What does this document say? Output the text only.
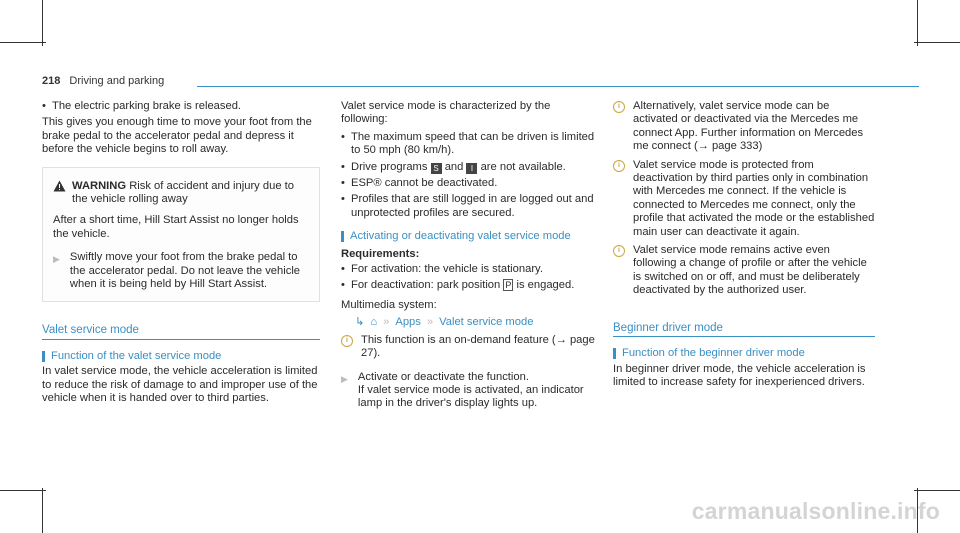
218 Driving and parking
• The electric parking brake is released.

This gives you enough time to move your foot from the brake pedal to the accelerator pedal and depress it before the vehicle begins to roll away.

WARNING Risk of accident and injury due to the vehicle rolling away

After a short time, Hill Start Assist no longer holds the vehicle.

▶ Swiftly move your foot from the brake pedal to the accelerator pedal. Do not leave the vehicle when it is being held by Hill Start Assist.
Valet service mode
Function of the valet service mode

In valet service mode, the vehicle acceleration is limited to reduce the risk of damage to and improper use of the vehicle when it is handed over to third parties.

Valet service mode is characterized by the following:

• The maximum speed that can be driven is limited to 50 mph (80 km/h).
• Drive programs S and I are not available.
• ESP® cannot be deactivated.
• Profiles that are still logged in are logged out and unprotected profiles are secured.
Activating or deactivating valet service mode
Requirements:
• For activation: the vehicle is stationary.
• For deactivation: park position P is engaged.

Multimedia system:

↳ ⌂ » Apps » Valet service mode
i	This function is an on-demand feature (→ page 27).
▶ Activate or deactivate the function.
If valet service mode is activated, an indicator lamp in the driver's display lights up.
i	Alternatively, valet service mode can be activated or deactivated via the Mercedes me connect App. Further information on Mercedes me connect (→ page 333)
i	Valet service mode is protected from deactivation by third parties only in combination with Mercedes me connect. If the vehicle is connected to Mercedes me connect, only the profile that activated the mode or the established main user can deactivate it again.
i	Valet service mode remains active even following a change of profile or after the vehicle is switched on or off, and must be deliberately deactivated by the authorized user.
Beginner driver mode
Function of the beginner driver mode

In beginner driver mode, the vehicle acceleration is limited to increase safety for inexperienced drivers.

carmanualsonline.info
